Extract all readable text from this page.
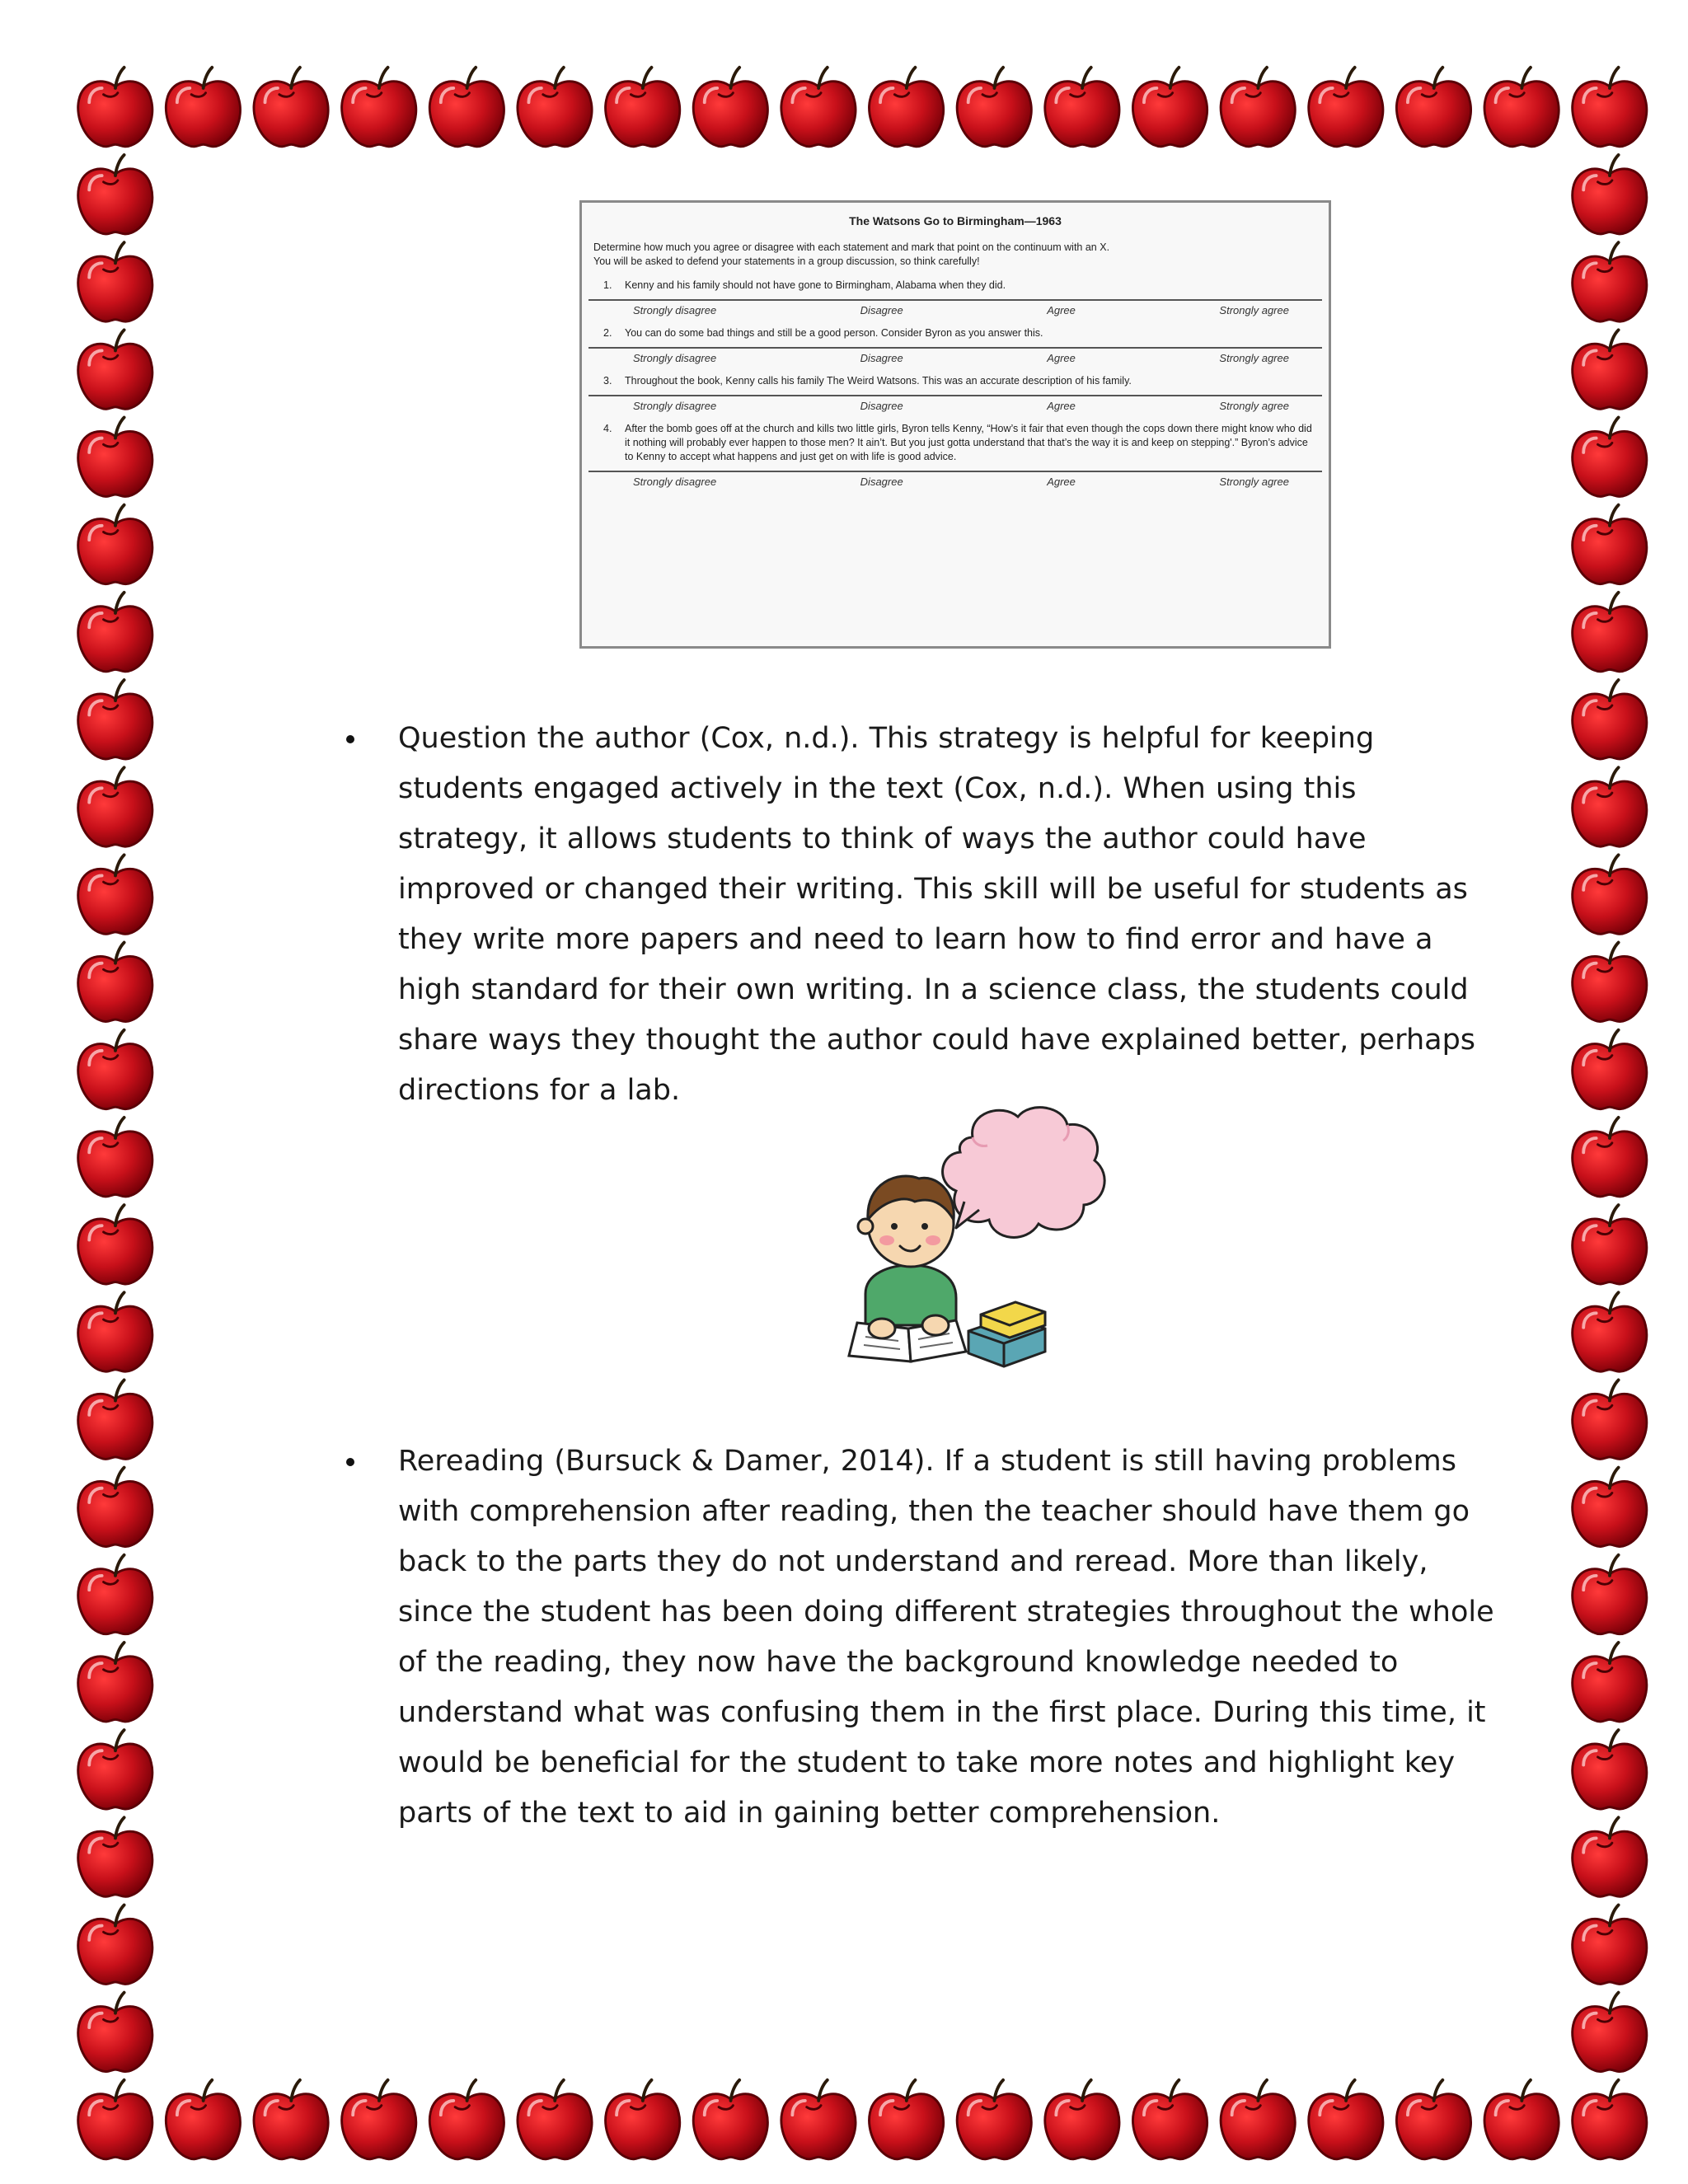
The Watsons Go to Birmingham—1963
Determine how much you agree or disagree with each statement and mark that point on the continuum with an X.
You will be asked to defend your statements in a group discussion, so think carefully!
1.	Kenny and his family should not have gone to Birmingham, Alabama when they did.
Strongly disagree	Disagree	Agree	Strongly agree
2.	You can do some bad things and still be a good person. Consider Byron as you answer this.
Strongly disagree	Disagree	Agree	Strongly agree
3.	Throughout the book, Kenny calls his family The Weird Watsons. This was an accurate description of his family.
Strongly disagree	Disagree	Agree	Strongly agree
4.	After the bomb goes off at the church and kills two little girls, Byron tells Kenny, “How’s it fair that even though the cops down there might know who did it nothing will probably ever happen to those men? It ain’t. But you just gotta understand that that’s the way it is and keep on stepping'.” Byron’s advice to Kenny to accept what happens and just get on with life is good advice.
Strongly disagree	Disagree	Agree	Strongly agree
Question the author (Cox, n.d.). This strategy is helpful for keeping students engaged actively in the text (Cox, n.d.). When using this strategy, it allows students to think of ways the author could have improved or changed their writing. This skill will be useful for students as they write more papers and need to learn how to find error and have a high standard for their own writing. In a science class, the students could share ways they thought the author could have explained better, perhaps directions for a lab.
Rereading (Bursuck & Damer, 2014). If a student is still having problems with comprehension after reading, then the teacher should have them go back to the parts they do not understand and reread. More than likely, since the student has been doing different strategies throughout the whole of the reading, they now have the background knowledge needed to understand what was confusing them in the first place. During this time, it would be beneficial for the student to take more notes and highlight key parts of the text to aid in gaining better comprehension.
